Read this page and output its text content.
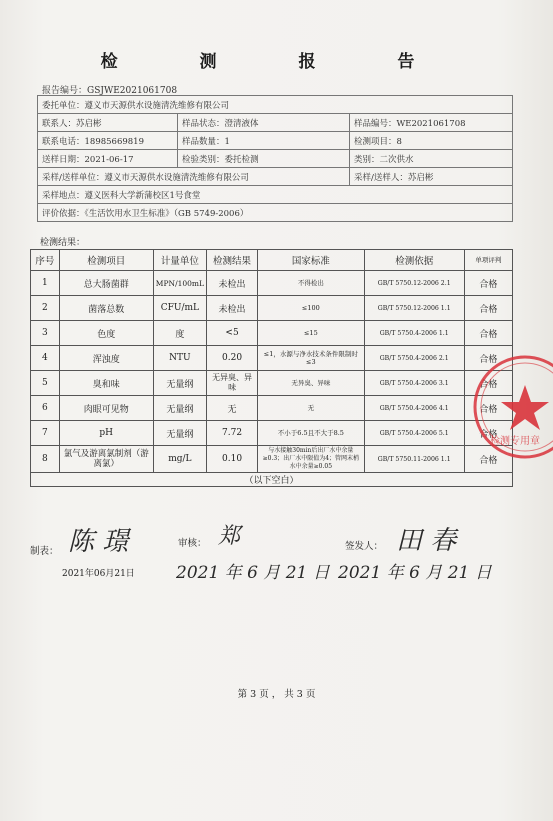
检 测 报 告
报告编号：GSJWE2021061708
委托单位：遵义市天源供水设施清洗维修有限公司		
联系人：苏启彬	样品状态：澄清液体	样品编号：WE2021061708
联系电话：18985669819	样品数量：1	检测项目：8
送样日期：2021-06-17	检验类别：委托检测	类别：二次供水
采样/送样单位：遵义市天源供水设施清洗维修有限公司		采样/送样人：苏启彬
采样地点：遵义医科大学新蒲校区1号食堂		
评价依据：《生活饮用水卫生标准》（GB 5749-2006）		
检测结果：
序号	检测项目	计量单位	检测结果	国家标准	检测依据	单项评判
1	总大肠菌群	MPN/100mL	未检出	不得检出	GB/T 5750.12-2006 2.1	合格
2	菌落总数	CFU/mL	未检出	≤100	GB/T 5750.12-2006 1.1	合格
3	色度	度	<5	≤15	GB/T 5750.4-2006 1.1	合格
4	浑浊度	NTU	0.20	≤1，水源与净水技术条件限制时≤3	GB/T 5750.4-2006 2.1	合格
5	臭和味	无量纲	无异臭、异味	无异臭、异味	GB/T 5750.4-2006 3.1	合格
6	肉眼可见物	无量纲	无	无	GB/T 5750.4-2006 4.1	合格
7	pH	无量纲	7.72	不小于6.5且不大于8.5	GB/T 5750.4-2006 5.1	合格
8	氯气及游离氯制剂（游离氯）	mg/L	0.10	与水接触30min后出厂水中余量≥0.3；出厂水中限值为4；管网末梢水中余量≥0.05	GB/T 5750.11-2006 1.1	合格
（以下空白）						
检测专用章
制表： 陈 璟	审核： 郑	签发人： 田 春
2021年06月21日 2021 年 6 月 21 日 2021 年 6 月 21 日
第 3 页 ， 共 3 页
